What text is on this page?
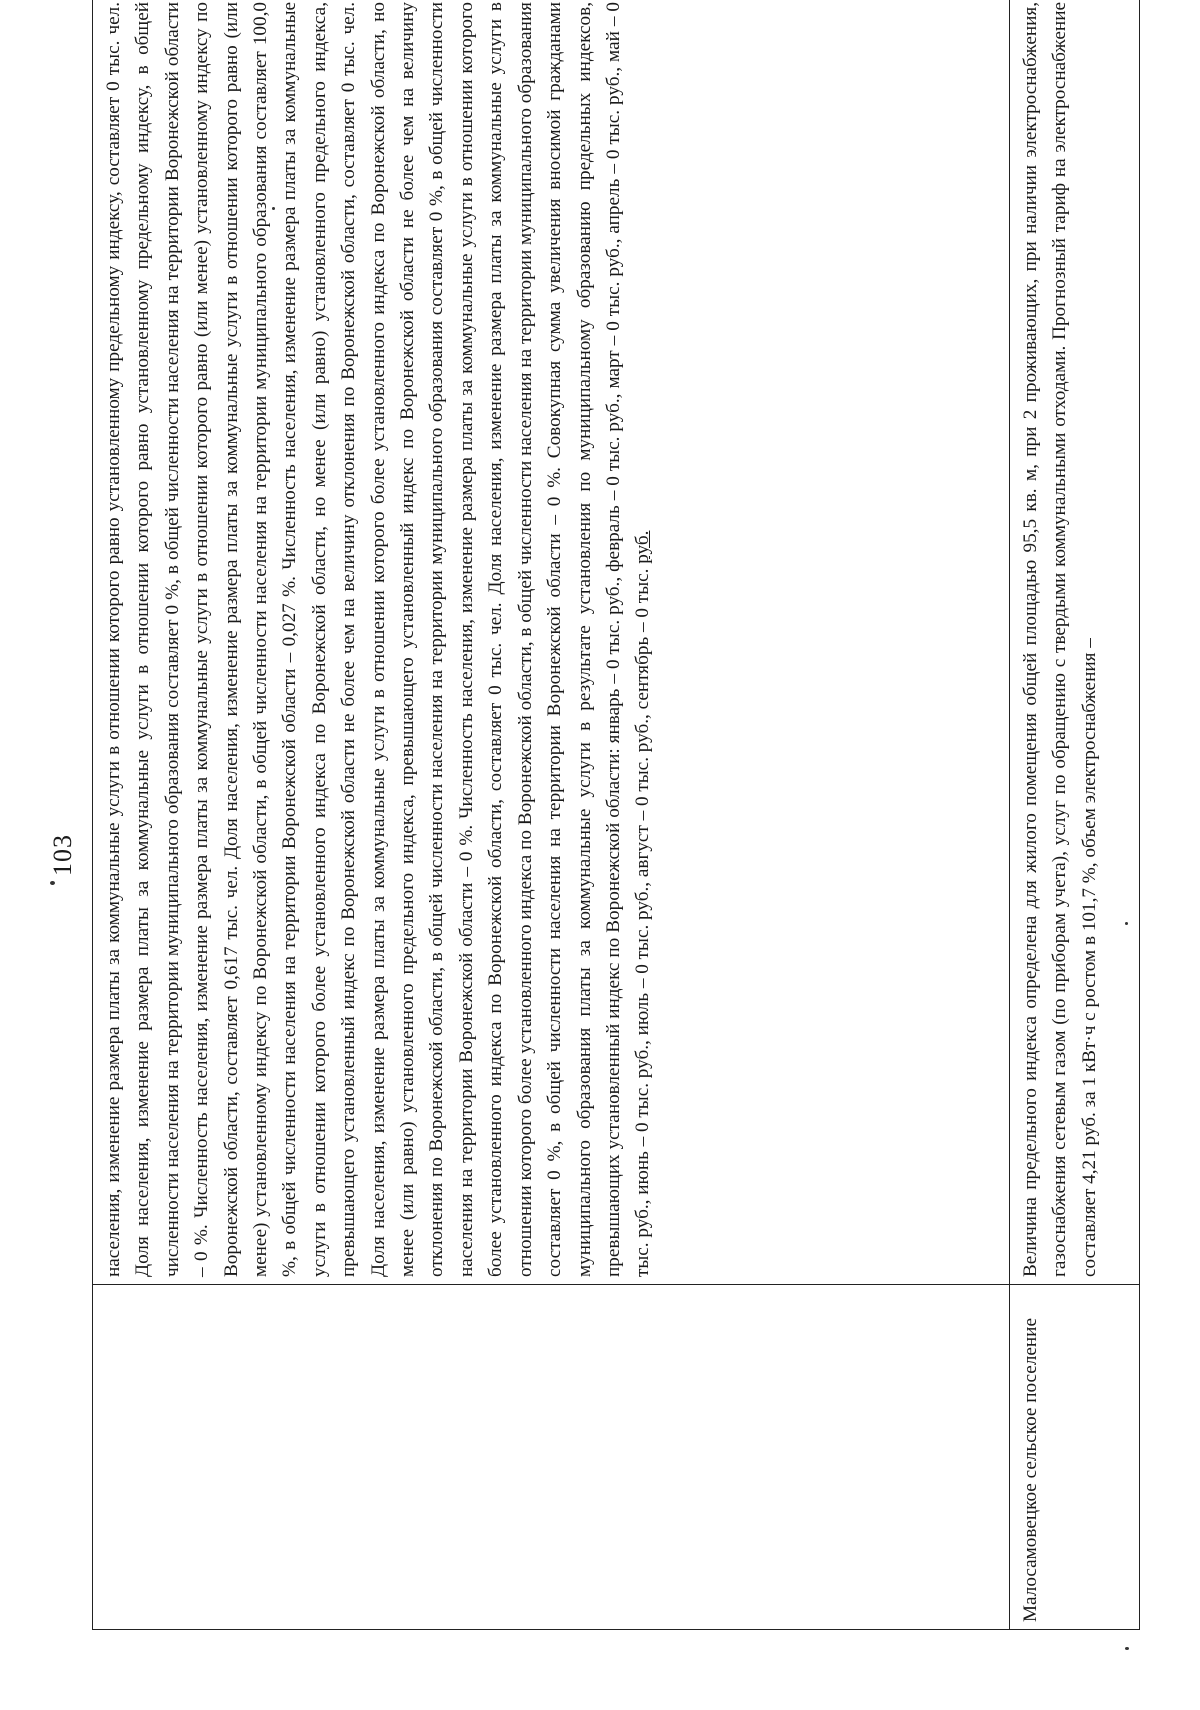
103
	населения, изменение размера платы за коммунальные услуги в отношении которого равно установленному предельному индексу, составляет 0 тыс. чел. Доля населения, изменение размера платы за коммунальные услуги в отношении которого равно установленному предельному индексу, в общей численности населения на территории муниципального образования составляет 0 %, в общей численности населения на территории Воронежской области – 0 %. Численность населения, изменение размера платы за коммунальные услуги в отношении которого равно (или менее) установленному индексу по Воронежской области, составляет 0,617 тыс. чел. Доля населения, изменение размера платы за коммунальные услуги в отношении которого равно (или менее) установленному индексу по Воронежской области, в общей численности населения на территории муниципального образования составляет 100,0 %, в общей численности населения на территории Воронежской области – 0,027 %. Численность населения, изменение размера платы за коммунальные услуги в отношении которого более установленного индекса по Воронежской области, но менее (или равно) установленного предельного индекса, превышающего установленный индекс по Воронежской области не более чем на величину отклонения по Воронежской области, составляет 0 тыс. чел. Доля населения, изменение размера платы за коммунальные услуги в отношении которого более установленного индекса по Воронежской области, но менее (или равно) установленного предельного индекса, превышающего установленный индекс по Воронежской области не более чем на величину отклонения по Воронежской области, в общей численности населения на территории муниципального образования составляет 0 %, в общей численности населения на территории Воронежской области – 0 %. Численность населения, изменение размера платы за коммунальные услуги в отношении которого более установленного индекса по Воронежской области, составляет 0 тыс. чел. Доля населения, изменение размера платы за коммунальные услуги в отношении которого более установленного индекса по Воронежской области, в общей численности населения на территории муниципального образования составляет 0 %, в общей численности населения на территории Воронежской области – 0 %. Совокупная сумма увеличения вносимой гражданами муниципального образования платы за коммунальные услуги в результате установления по муниципальному образованию предельных индексов, превышающих установленный индекс по Воронежской области: январь – 0 тыс. руб., февраль – 0 тыс. руб., март – 0 тыс. руб., апрель – 0 тыс. руб., май – 0 тыс. руб., июнь – 0 тыс. руб., июль – 0 тыс. руб., август – 0 тыс. руб., сентябрь – 0 тыс. руб.
Малосамовецкое сельское поселение	Величина предельного индекса определена для жилого помещения общей площадью 95,5 кв. м, при 2 проживающих, при наличии электроснабжения, газоснабжения сетевым газом (по приборам учета), услуг по обращению с твердыми коммунальными отходами. Прогнозный тариф на электроснабжение составляет 4,21 руб. за 1 кВт·ч с ростом в 101,7 %, объем электроснабжения –
